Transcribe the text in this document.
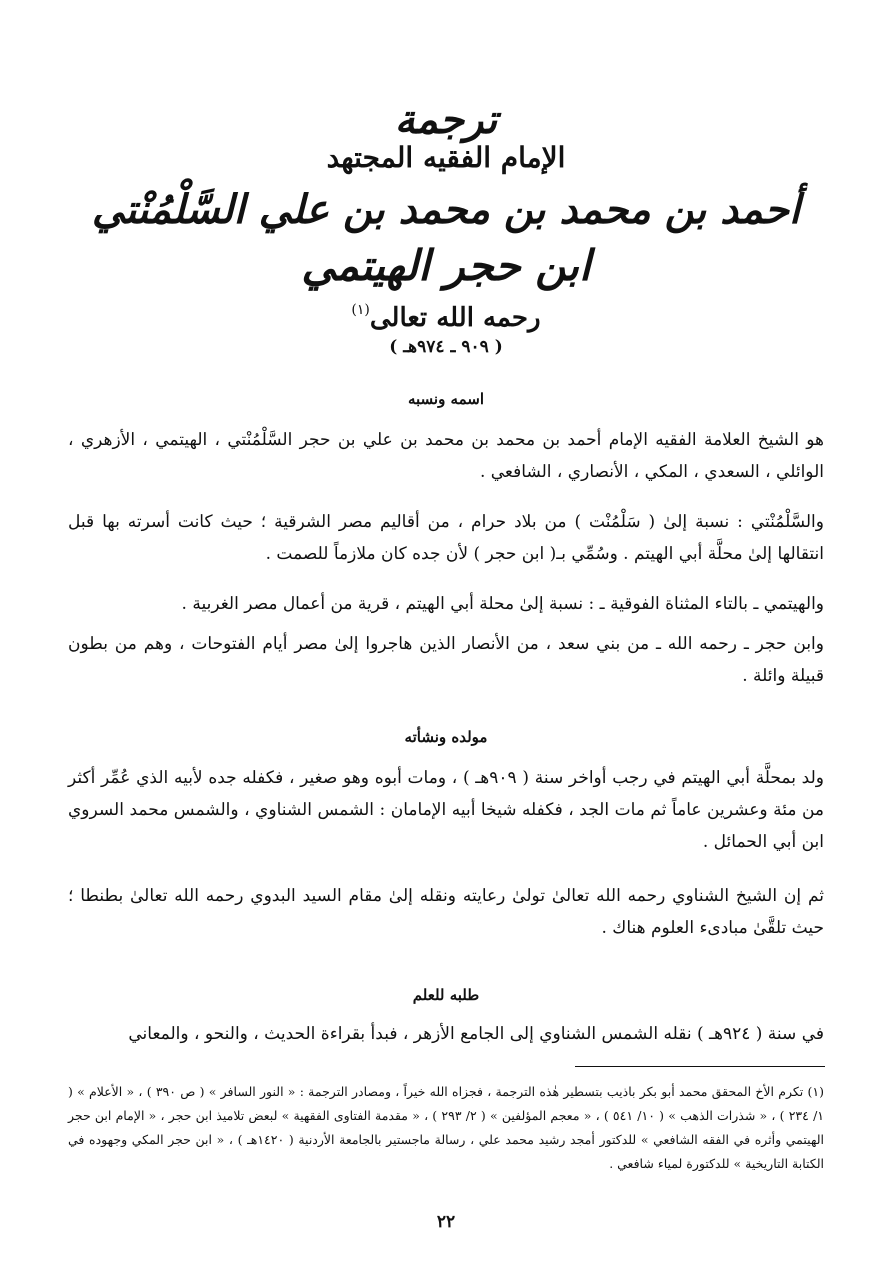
ترجمة
الإمام الفقيه المجتهد
أحمد بن محمد بن محمد بن علي السَّلْمُنْتي
ابن حجر الهيتمي
رحمه الله تعالى$^{(١)}$
( ٩٠٩ ـ ٩٧٤هـ )
اسمه ونسبه

هو الشيخ العلامة الفقيه الإمام أحمد بن محمد بن محمد بن علي بن حجر السَّلْمُنْتي ، الهيتمي ، الأزهري ، الوائلي ، السعدي ، المكي ، الأنصاري ، الشافعي .

والسَّلْمُنْتي : نسبة إلىٰ ( سَلْمُنْت ) من بلاد حرام ، من أقاليم مصر الشرقية ؛ حيث كانت أسرته بها قبل انتقالها إلىٰ محلَّة أبي الهيتم . وسُمِّي بـ( ابن حجر ) لأن جده كان ملازماً للصمت .

والهيتمي ـ بالتاء المثناة الفوقية ـ : نسبة إلىٰ محلة أبي الهيتم ، قرية من أعمال مصر الغربية .

وابن حجر ـ رحمه الله ـ من بني سعد ، من الأنصار الذين هاجروا إلىٰ مصر أيام الفتوحات ، وهم من بطون قبيلة وائلة .

مولده ونشأته

ولد بمحلَّة أبي الهيتم في رجب أواخر سنة ( ٩٠٩هـ ) ، ومات أبوه وهو صغير ، فكفله جده لأبيه الذي عُمِّر أكثر من مئة وعشرين عاماً ثم مات الجد ، فكفله شيخا أبيه الإمامان : الشمس الشناوي ، والشمس محمد السروي ابن أبي الحمائل .

ثم إن الشيخ الشناوي رحمه الله تعالىٰ تولىٰ رعايته ونقله إلىٰ مقام السيد البدوي رحمه الله تعالىٰ بطنطا ؛ حيث تلقَّىٰ مبادىء العلوم هناك .

طلبه للعلم

في سنة ( ٩٢٤هـ ) نقله الشمس الشناوي إلى الجامع الأزهر ، فبدأ بقراءة الحديث ، والنحو ، والمعاني

(١) تكرم الأخ المحقق محمد أبو بكر باذيب بتسطير هٰذه الترجمة ، فجزاه الله خيراً ، ومصادر الترجمة : « النور السافر » ( ص ٣٩٠ ) ، « الأعلام » ( ١/ ٢٣٤ ) ، « شذرات الذهب » ( ١٠/ ٥٤١ ) ، « معجم المؤلفين » ( ٢/ ٢٩٣ ) ، « مقدمة الفتاوى الفقهية » لبعض تلاميذ ابن حجر ، « الإمام ابن حجر الهيتمي وأثره في الفقه الشافعي » للدكتور أمجد رشيد محمد علي ، رسالة ماجستير بالجامعة الأردنية ( ١٤٢٠هـ ) ، « ابن حجر المكي وجهوده في الكتابة التاريخية » للدكتورة لمياء شافعي .

٢٢
